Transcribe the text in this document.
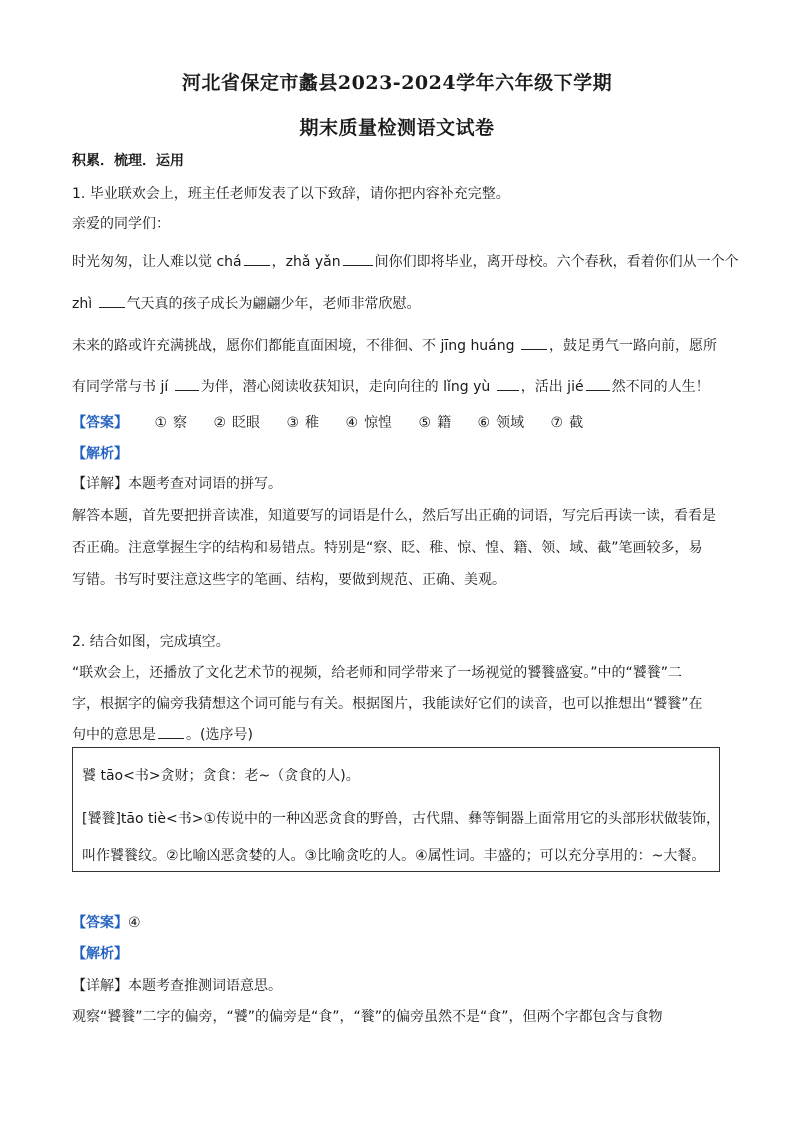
河北省保定市蠡县2023-2024学年六年级下学期
期末质量检测语文试卷
积累．梳理．运用
1. 毕业联欢会上，班主任老师发表了以下致辞，请你把内容补充完整。
亲爱的同学们：
时光匆匆，让人难以觉 chá ，zhǎ yǎn 间你们即将毕业，离开母校。六个春秋，看着你们从一个个
zhì 气天真的孩子成长为翩翩少年，老师非常欣慰。
未来的路或许充满挑战，愿你们都能直面困境，不徘徊、不 jīng huáng ，鼓足勇气一路向前，愿所
有同学常与书 jí 为伴，潜心阅读收获知识，走向向往的 lǐng yù ，活出 jié 然不同的人生！
【答案】 ① 察 ② 眨眼 ③ 稚 ④ 惊惶 ⑤ 籍 ⑥ 领域 ⑦ 截
【解析】
【详解】本题考查对词语的拼写。
解答本题，首先要把拼音读准，知道要写的词语是什么，然后写出正确的词语，写完后再读一读，看看是
否正确。注意掌握生字的结构和易错点。特别是“察、眨、稚、惊、惶、籍、领、域、截”笔画较多，易
写错。书写时要注意这些字的笔画、结构，要做到规范、正确、美观。
2. 结合如图，完成填空。
“联欢会上，还播放了文化艺术节的视频，给老师和同学带来了一场视觉的饕餮盛宴。”中的“饕餮”二
字，根据字的偏旁我猜想这个词可能与有关。根据图片，我能读好它们的读音，也可以推想出“饕餮”在
句中的意思是 。(选序号)
饕 tāo<书>贪财；贪食：老~（贪食的人)。
[饕餮]tāo tiè<书>①传说中的一种凶恶贪食的野兽，古代鼎、彝等铜器上面常用它的头部形状做装饰，
叫作饕餮纹。②比喻凶恶贪婪的人。③比喻贪吃的人。④属性词。丰盛的；可以充分享用的：~大餐。
【答案】④
【解析】
【详解】本题考查推测词语意思。
观察“饕餮”二字的偏旁，“饕”的偏旁是“食”，“餮”的偏旁虽然不是“食”，但两个字都包含与食物
